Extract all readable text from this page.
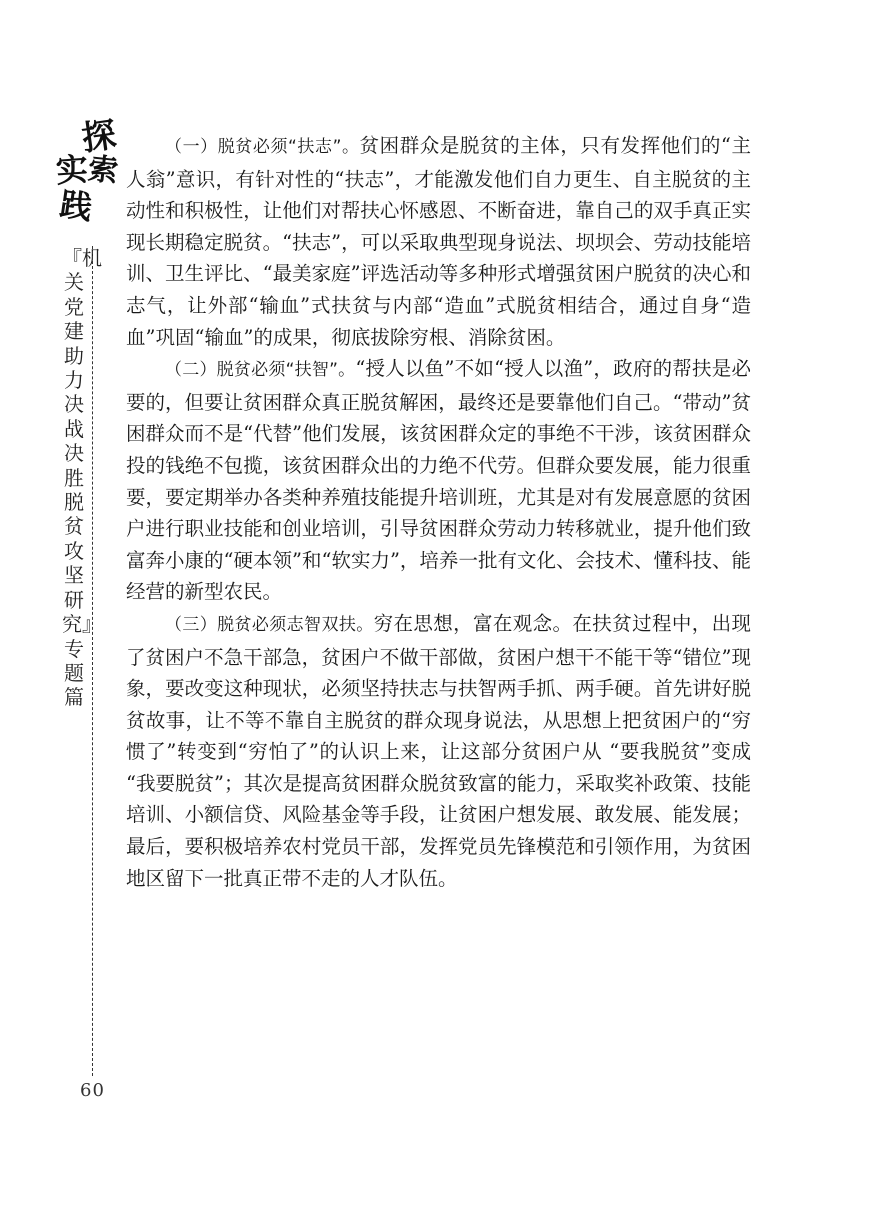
探
索
实
践
『机关党建助力决战决胜脱贫攻坚研究』专题篇
60

（一）脱贫必须“扶志”。贫困群众是脱贫的主体，只有发挥他们的“主人翁”意识，有针对性的“扶志”，才能激发他们自力更生、自主脱贫的主动性和积极性，让他们对帮扶心怀感恩、不断奋进，靠自己的双手真正实现长期稳定脱贫。“扶志”，可以采取典型现身说法、坝坝会、劳动技能培训、卫生评比、“最美家庭”评选活动等多种形式增强贫困户脱贫的决心和志气，让外部“输血”式扶贫与内部“造血”式脱贫相结合，通过自身“造血”巩固“输血”的成果，彻底拔除穷根、消除贫困。

（二）脱贫必须“扶智”。“授人以鱼”不如“授人以渔”，政府的帮扶是必要的，但要让贫困群众真正脱贫解困，最终还是要靠他们自己。“带动”贫困群众而不是“代替”他们发展，该贫困群众定的事绝不干涉，该贫困群众投的钱绝不包揽，该贫困群众出的力绝不代劳。但群众要发展，能力很重要，要定期举办各类种养殖技能提升培训班，尤其是对有发展意愿的贫困户进行职业技能和创业培训，引导贫困群众劳动力转移就业，提升他们致富奔小康的“硬本领”和“软实力”，培养一批有文化、会技术、懂科技、能经营的新型农民。

（三）脱贫必须志智双扶。穷在思想，富在观念。在扶贫过程中，出现了贫困户不急干部急，贫困户不做干部做，贫困户想干不能干等“错位”现象，要改变这种现状，必须坚持扶志与扶智两手抓、两手硬。首先讲好脱贫故事，让不等不靠自主脱贫的群众现身说法，从思想上把贫困户的“穷惯了”转变到“穷怕了”的认识上来，让这部分贫困户从 “要我脱贫”变成 “我要脱贫”；其次是提高贫困群众脱贫致富的能力，采取奖补政策、技能培训、小额信贷、风险基金等手段，让贫困户想发展、敢发展、能发展；最后，要积极培养农村党员干部，发挥党员先锋模范和引领作用，为贫困地区留下一批真正带不走的人才队伍。
